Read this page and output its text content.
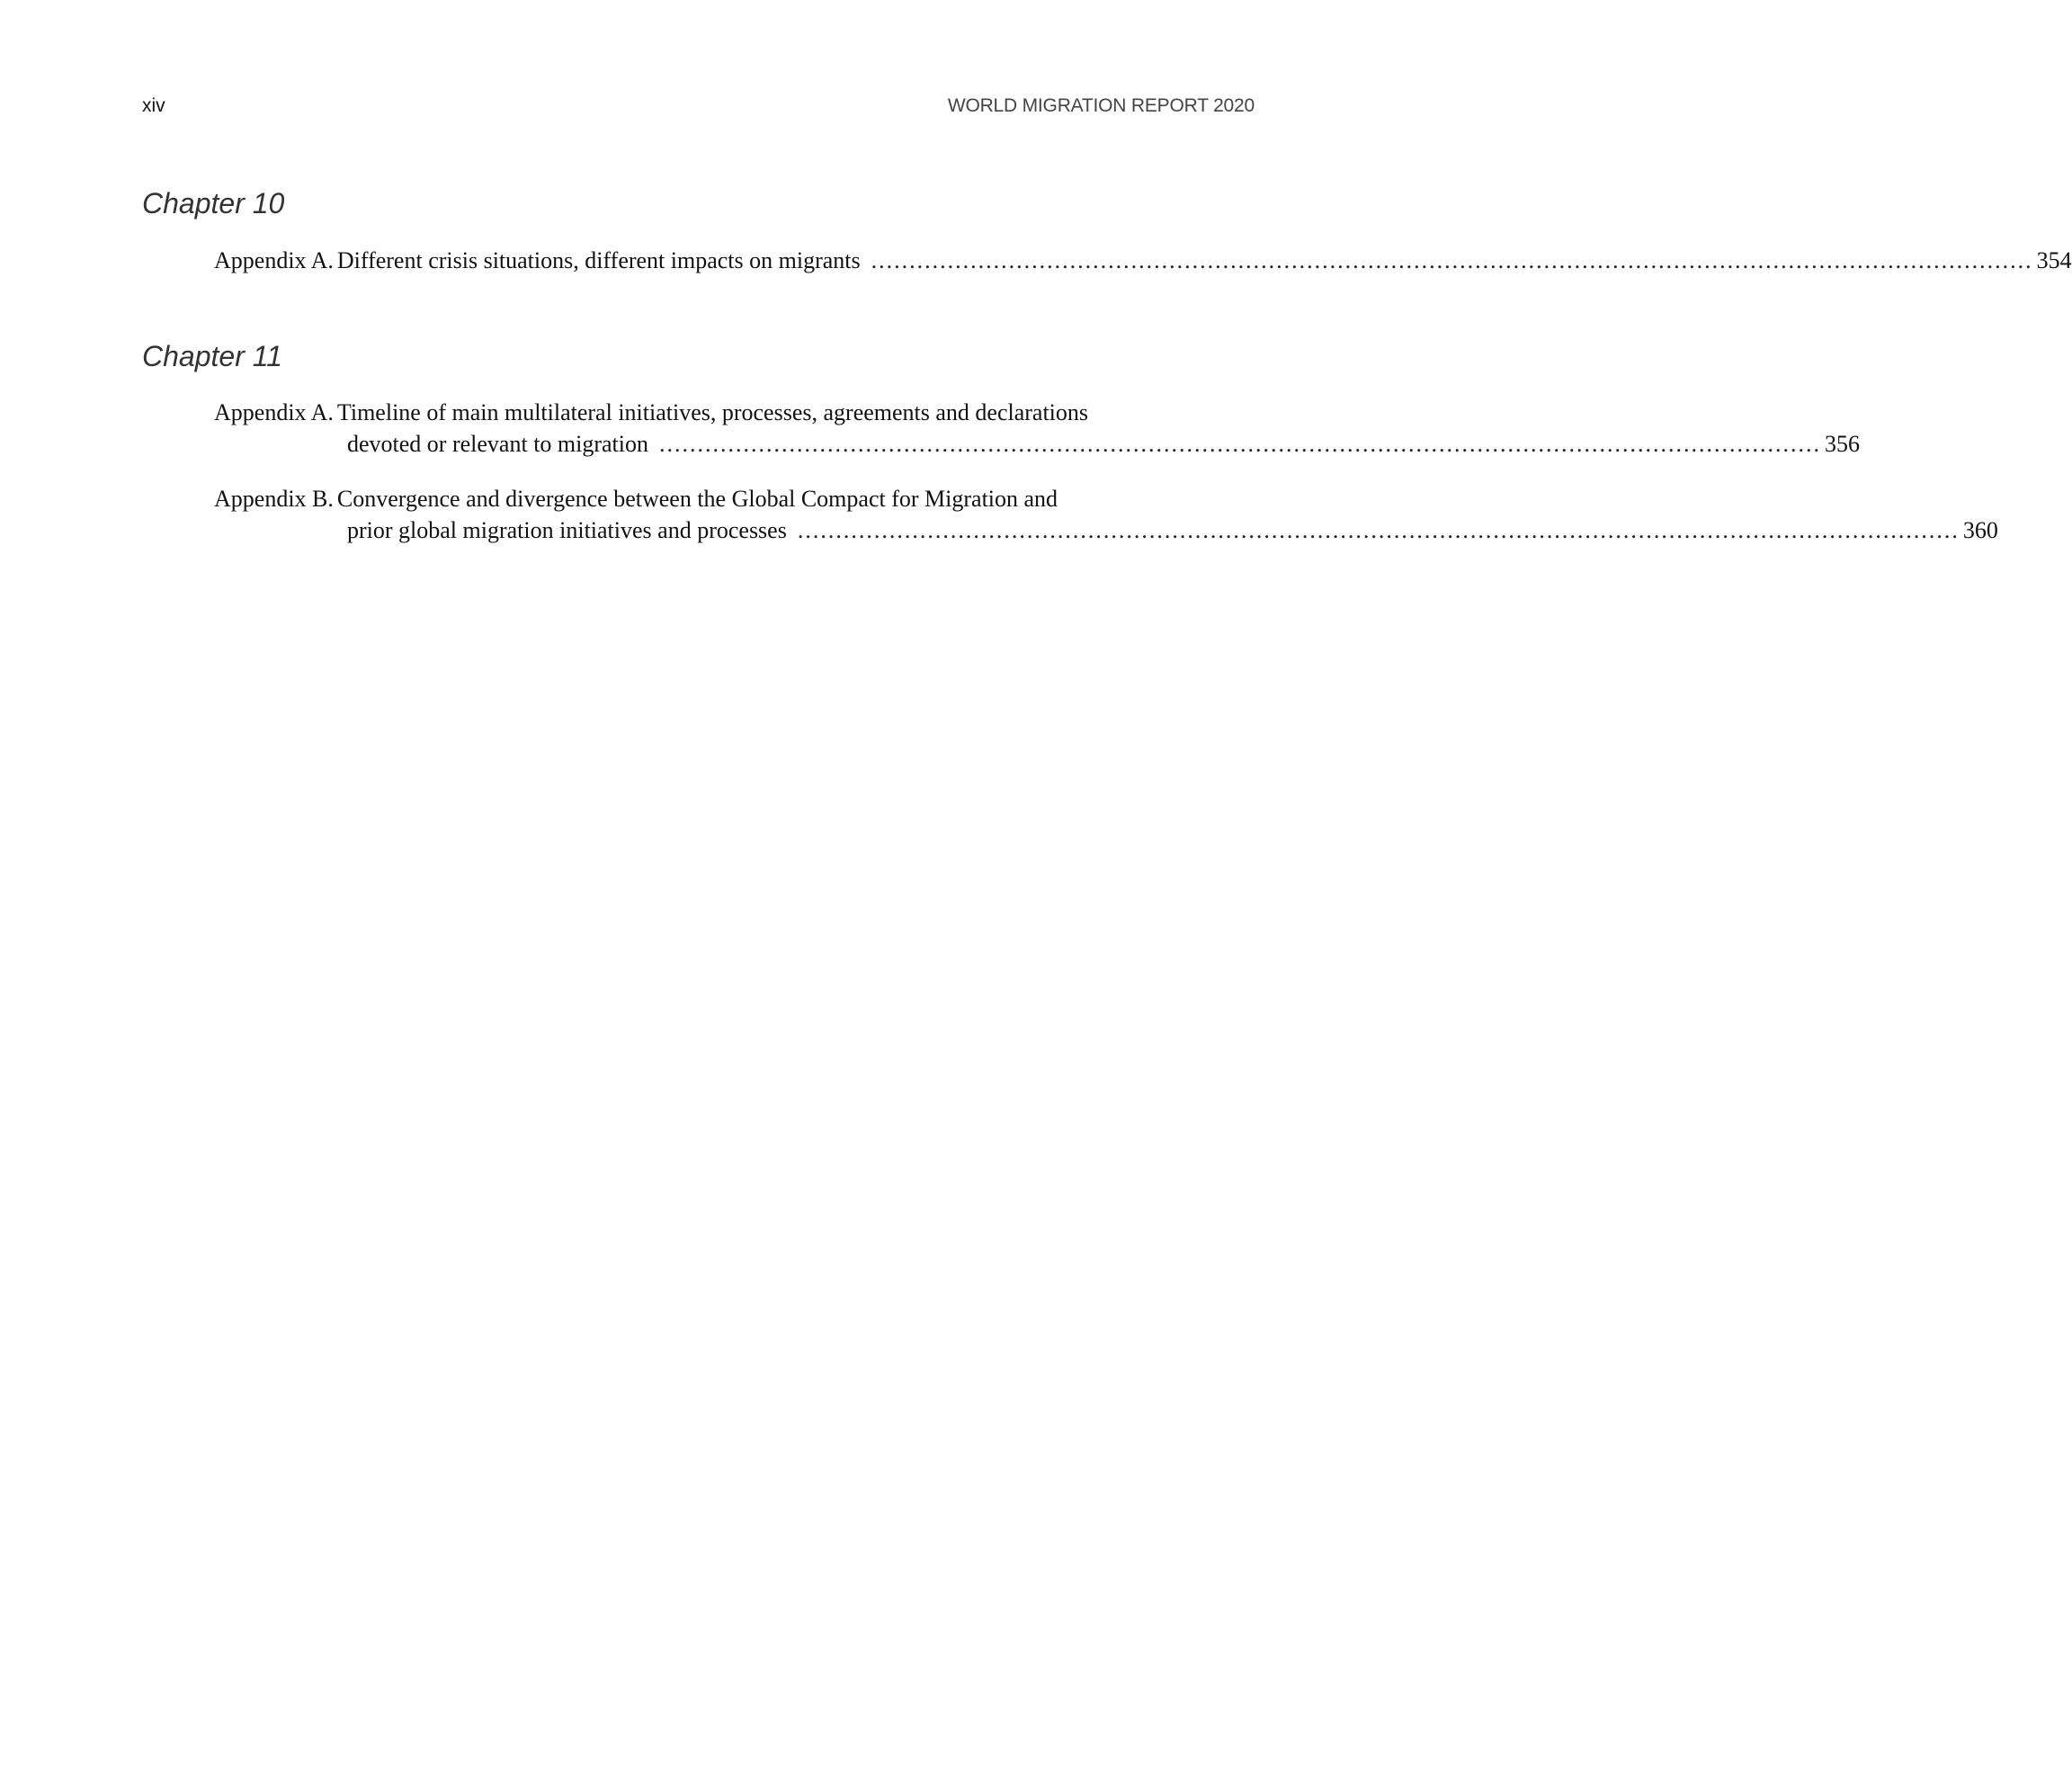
xiv	WORLD MIGRATION REPORT 2020
Chapter 10
Appendix A. Different crisis situations, different impacts on migrants ........................................................................................................................................................ 354
Chapter 11
Appendix A. Timeline of main multilateral initiatives, processes, agreements and declarations
devoted or relevant to migration ........................................................................................................................................................ 356
Appendix B. Convergence and divergence between the Global Compact for Migration and
prior global migration initiatives and processes ........................................................................................................................................................ 360
